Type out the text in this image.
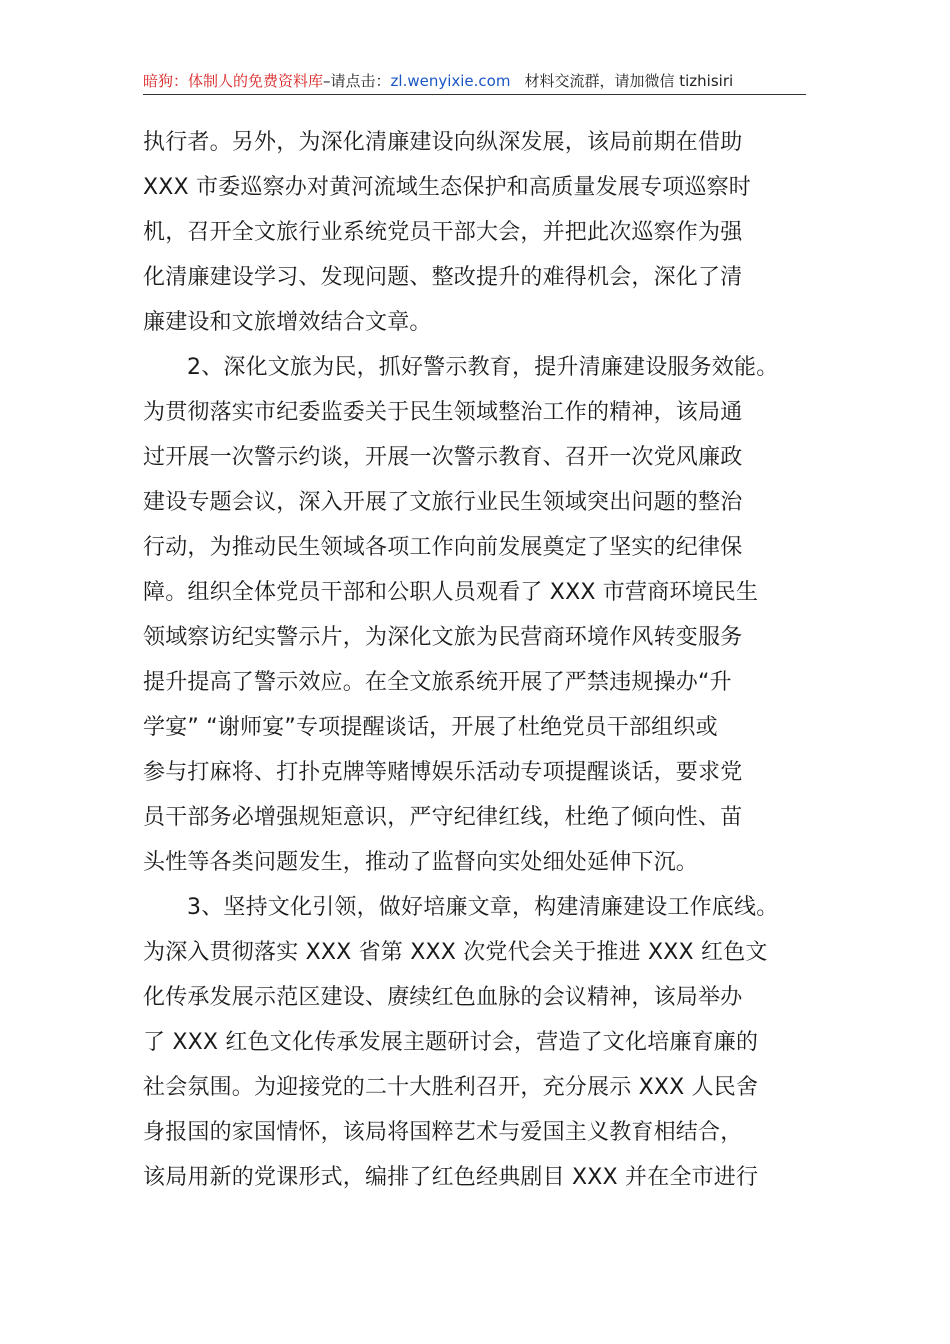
暗狗：体制人的免费资料库–请点击：zl.wenyixie.com 材料交流群，请加微信 tizhisiri
执行者。另外，为深化清廉建设向纵深发展，该局前期在借助
XXX 市委巡察办对黄河流域生态保护和高质量发展专项巡察时
机，召开全文旅行业系统党员干部大会，并把此次巡察作为强
化清廉建设学习、发现问题、整改提升的难得机会，深化了清
廉建设和文旅增效结合文章。
2、深化文旅为民，抓好警示教育，提升清廉建设服务效能。
为贯彻落实市纪委监委关于民生领域整治工作的精神，该局通
过开展一次警示约谈，开展一次警示教育、召开一次党风廉政
建设专题会议，深入开展了文旅行业民生领域突出问题的整治
行动，为推动民生领域各项工作向前发展奠定了坚实的纪律保
障。组织全体党员干部和公职人员观看了 XXX 市营商环境民生
领域察访纪实警示片，为深化文旅为民营商环境作风转变服务
提升提高了警示效应。在全文旅系统开展了严禁违规操办“升
学宴” “谢师宴”专项提醒谈话，开展了杜绝党员干部组织或
参与打麻将、打扑克牌等赌博娱乐活动专项提醒谈话，要求党
员干部务必增强规矩意识，严守纪律红线，杜绝了倾向性、苗
头性等各类问题发生，推动了监督向实处细处延伸下沉。
3、坚持文化引领，做好培廉文章，构建清廉建设工作底线。
为深入贯彻落实 XXX 省第 XXX 次党代会关于推进 XXX 红色文
化传承发展示范区建设、赓续红色血脉的会议精神，该局举办
了 XXX 红色文化传承发展主题研讨会，营造了文化培廉育廉的
社会氛围。为迎接党的二十大胜利召开，充分展示 XXX 人民舍
身报国的家国情怀，该局将国粹艺术与爱国主义教育相结合，
该局用新的党课形式，编排了红色经典剧目 XXX 并在全市进行
